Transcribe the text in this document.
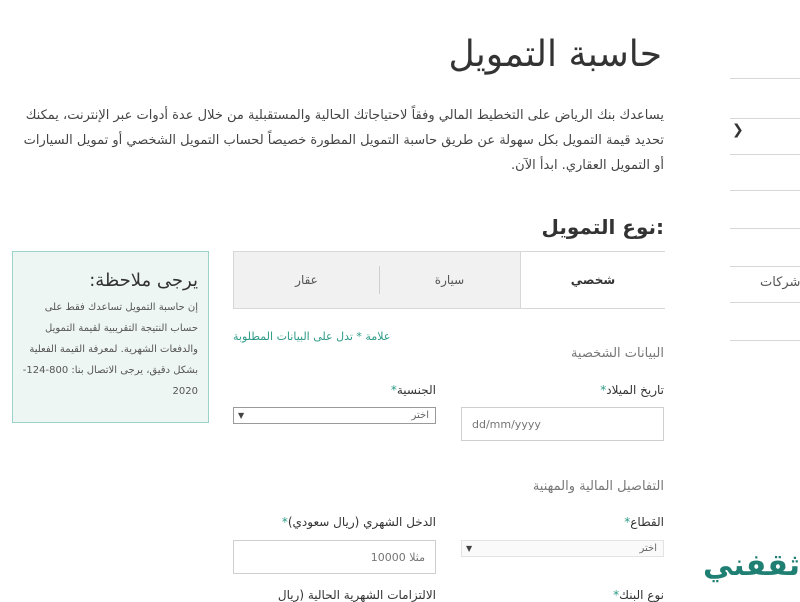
حاسبة التمويل

يساعدك بنك الرياض على التخطيط المالي وفقاً لاحتياجاتك الحالية والمستقبلية من خلال عدة أدوات عبر الإنترنت، يمكنك تحديد قيمة التمويل بكل سهولة عن طريق حاسبة التمويل المطورة خصيصاً لحساب التمويل الشخصي أو تمويل السيارات أو التمويل العقاري. ابدأ الآن.

نوع التمويل:
❯
شركات
يرجى ملاحظة:
إن حاسبة التمويل تساعدك فقط على حساب النتيجة التقريبية لقيمة التمويل والدفعات الشهرية. لمعرفة القيمة الفعلية بشكل دقيق، يرجى الاتصال بنا: 800-124-2020
عقار	سيارة	شخصي
علامة * تدل على البيانات المطلوبة
البيانات الشخصية
تاريخ الميلاد*
dd/mm/yyyy
الجنسية*
اختر
▼
التفاصيل المالية والمهنية
القطاع*
اختر
▼
الدخل الشهري (ريال سعودي)*
مثلا 10000
نوع البنك*
الالتزامات الشهرية الحالية (ريال
ثقفني
